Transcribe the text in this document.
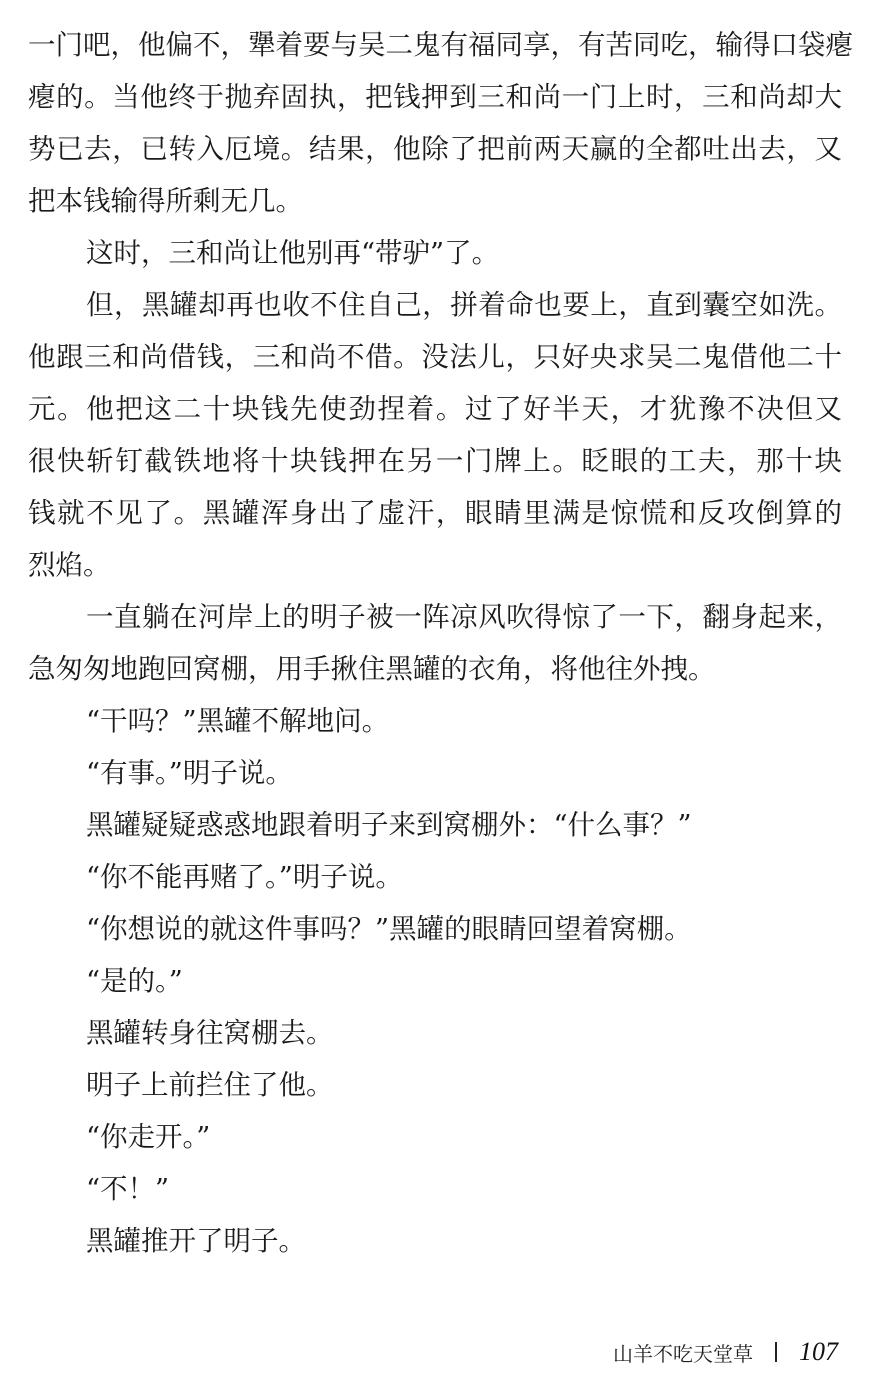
一门吧，他偏不，犟着要与吴二鬼有福同享，有苦同吃，输得口袋瘪
瘪的。当他终于抛弃固执，把钱押到三和尚一门上时，三和尚却大
势已去，已转入厄境。结果，他除了把前两天赢的全都吐出去，又
把本钱输得所剩无几。
这时，三和尚让他别再“带驴”了。
但，黑罐却再也收不住自己，拼着命也要上，直到囊空如洗。
他跟三和尚借钱，三和尚不借。没法儿，只好央求吴二鬼借他二十
元。他把这二十块钱先使劲捏着。过了好半天，才犹豫不决但又
很快斩钉截铁地将十块钱押在另一门牌上。眨眼的工夫，那十块
钱就不见了。黑罐浑身出了虚汗，眼睛里满是惊慌和反攻倒算的
烈焰。
一直躺在河岸上的明子被一阵凉风吹得惊了一下，翻身起来，
急匆匆地跑回窝棚，用手揪住黑罐的衣角，将他往外拽。
“干吗？”黑罐不解地问。
“有事。”明子说。
黑罐疑疑惑惑地跟着明子来到窝棚外：“什么事？”
“你不能再赌了。”明子说。
“你想说的就这件事吗？”黑罐的眼睛回望着窝棚。
“是的。”
黑罐转身往窝棚去。
明子上前拦住了他。
“你走开。”
“不！”
黑罐推开了明子。
山羊不吃天堂草 107
